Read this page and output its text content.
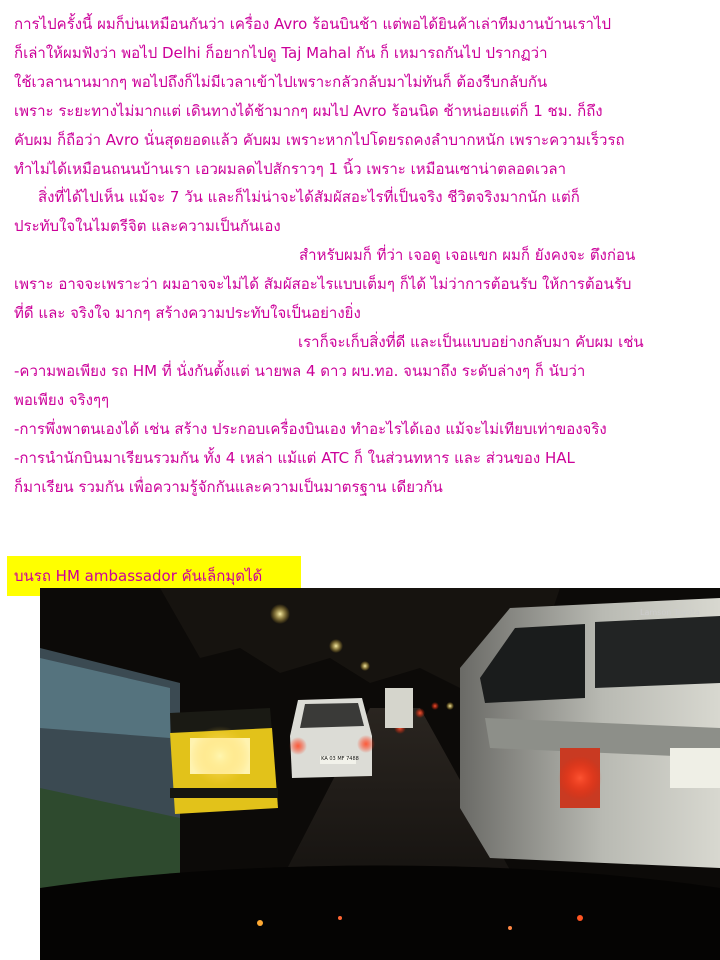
การไปครั้งนี้ ผมก็บ่นเหมือนกันว่า เครื่อง Avro ร้อนบินช้า แต่พอได้ยินค้าเล่าทีมงานบ้านเราไป
ก็เล่าให้ผมฟังว่า พอไป Delhi ก็อยากไปดู Taj Mahal กัน ก็ เหมารถกันไป ปรากฏว่า
ใช้เวลานานมากๆ พอไปถึงก็ไม่มีเวลาเข้าไปเพราะกลัวกลับมาไม่ทันก็ ต้องรีบกลับกัน
เพราะ ระยะทางไม่มากแต่ เดินทางได้ช้ามากๆ ผมไป Avro ร้อนนิด ช้าหน่อยแต่ก็ 1 ชม. ก็ถึง
คับผม ก็ถือว่า Avro นั่นสุดยอดแล้ว คับผม เพราะหากไปโดยรถคงลำบากหนัก เพราะความเร็วรถ
ทำไม่ได้เหมือนถนนบ้านเรา เอวผมลดไปสักราวๆ 1 นิ้ว เพราะ เหมือนเซาน่าตลอดเวลา
สิ่งที่ได้ไปเห็น แม้จะ 7 วัน และก็ไม่น่าจะได้สัมผัสอะไรที่เป็นจริง ชีวิตจริงมากนัก แต่ก็
ประทับใจในไมตรีจิต และความเป็นกันเอง
สำหรับผมก็ ที่ว่า เจอดู เจอแขก ผมก็ ยังคงจะ ตึงก่อน
เพราะ อาจจะเพราะว่า ผมอาจจะไม่ได้ สัมผัสอะไรแบบเต็มๆ ก็ได้ ไม่ว่าการต้อนรับ ให้การต้อนรับ
ที่ดี และ จริงใจ มากๆ สร้างความประทับใจเป็นอย่างยิ่ง
เราก็จะเก็บสิ่งที่ดี และเป็นแบบอย่างกลับมา คับผม เช่น
-ความพอเพียง รถ HM ที่ นั่งกันตั้งแต่ นายพล 4 ดาว ผบ.ทอ. จนมาถึง ระดับล่างๆ ก็ นับว่า
พอเพียง จริงๆๆ
-การพึ่งพาตนเองได้ เช่น สร้าง ประกอบเครื่องบินเอง ทำอะไรได้เอง แม้จะไม่เทียบเท่าของจริง
-การนำนักบินมาเรียนรวมกัน ทั้ง 4 เหล่า แม้แต่ ATC ก็ ในส่วนทหาร และ ส่วนของ HAL
ก็มาเรียน รวมกัน เพื่อความรู้จักกันและความเป็นมาตรฐาน เดียวกัน
บนรถ HM ambassador คันเล็กมุดได้
KA 03 MF 7488
Lamson Toyota
